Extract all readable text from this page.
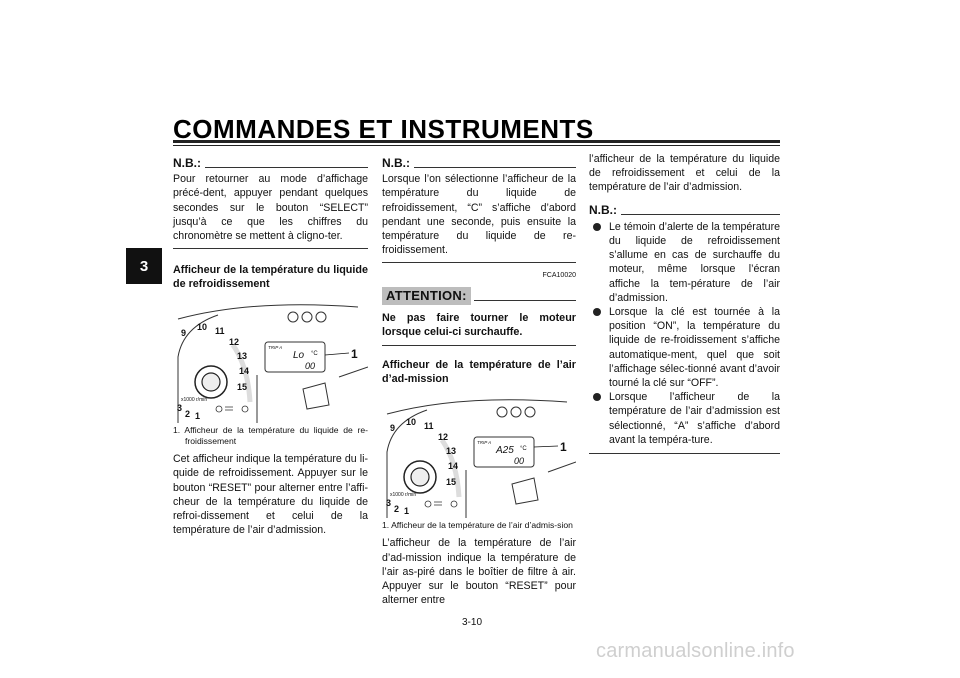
COMMANDES ET INSTRUMENTS
3
N.B.:
Pour retourner au mode d’affichage précé-dent, appuyer pendant quelques secondes sur le bouton “SELECT” jusqu’à ce que les chiffres du chronomètre se mettent à cligno-ter.
Afficheur de la température du liquide de refroidissement
9
10 11
12
13
14
15
3
2 1
x1000 r/min
TRIP A
Lo °C
00
1
1. Afficheur de la température du liquide de re-froidissement
Cet afficheur indique la température du li-quide de refroidissement. Appuyer sur le bouton “RESET” pour alterner entre l’affi-cheur de la température du liquide de refroi-dissement et celui de la température de l’air d’admission.
N.B.:
Lorsque l’on sélectionne l’afficheur de la température du liquide de refroidissement, “C” s’affiche d’abord pendant une seconde, puis ensuite la température du liquide de re-froidissement.
FCA10020
ATTENTION:
Ne pas faire tourner le moteur lorsque celui-ci surchauffe.
Afficheur de la température de l’air d’ad-mission
9
10 11
12
13
14
15
3
2 1
x1000 r/min
TRIP A
A25 °C
00
1
1. Afficheur de la température de l’air d’admis-sion
L’afficheur de la température de l’air d’ad-mission indique la température de l’air as-piré dans le boîtier de filtre à air. Appuyer sur le bouton “RESET” pour alterner entre
l’afficheur de la température du liquide de refroidissement et celui de la température de l’air d’admission.
N.B.:
Le témoin d’alerte de la température du liquide de refroidissement s’allume en cas de surchauffe du moteur, même lorsque l’écran affiche la tem-pérature de l’air d’admission.
Lorsque la clé est tournée à la position “ON”, la température du liquide de re-froidissement s’affiche automatique-ment, quel que soit l’affichage sélec-tionné avant d’avoir tourné la clé sur “OFF”.
Lorsque l’afficheur de la température de l’air d’admission est sélectionné, “A” s’affiche d’abord avant la tempéra-ture.
3-10
carmanualsonline.info
